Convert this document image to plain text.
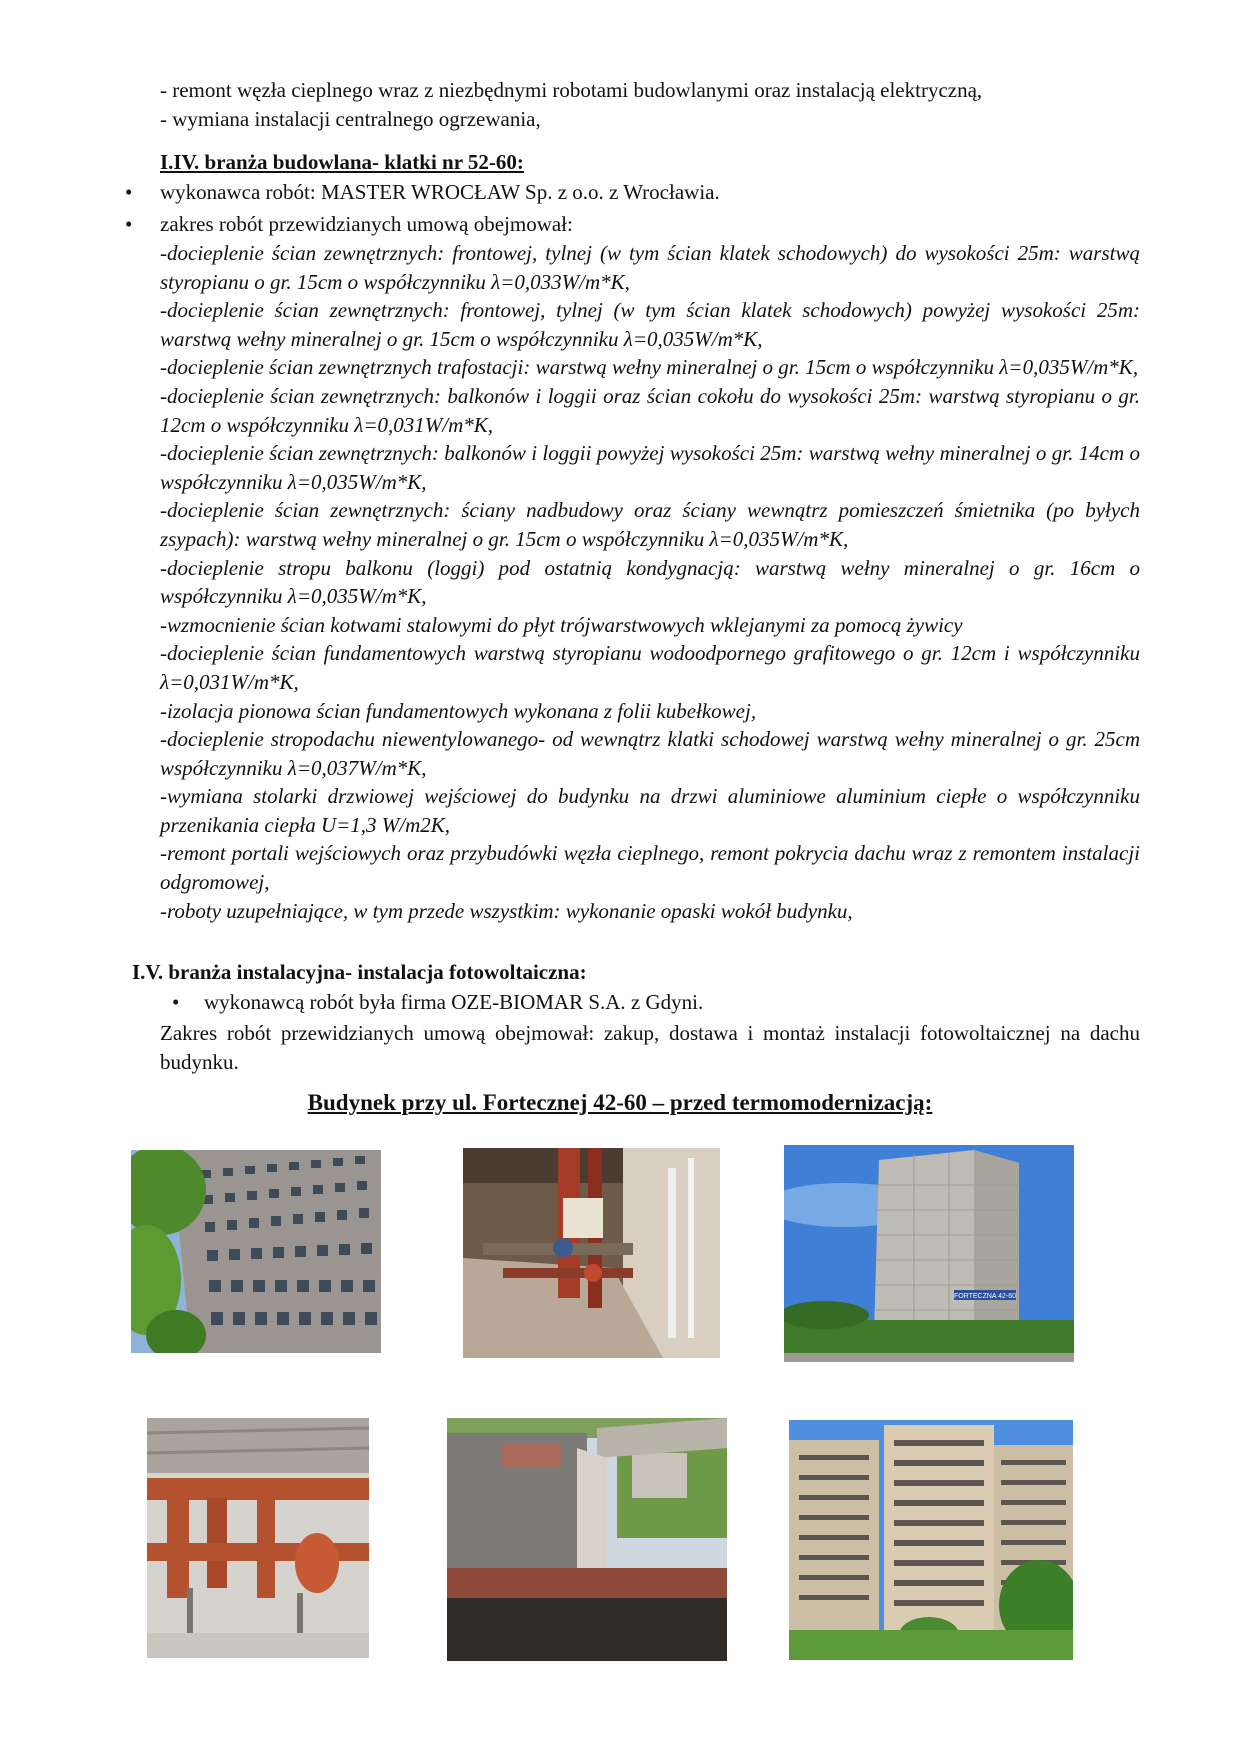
- remont węzła cieplnego wraz z niezbędnymi robotami budowlanymi oraz instalacją elektryczną,
- wymiana instalacji centralnego ogrzewania,
I.IV. branża budowlana- klatki nr 52-60:
• wykonawca robót: MASTER WROCŁAW Sp. z o.o. z Wrocławia.
• zakres robót przewidzianych umową obejmował:
-docieplenie ścian zewnętrznych: frontowej, tylnej (w tym ścian klatek schodowych) do wysokości 25m: warstwą styropianu o gr. 15cm o współczynniku λ=0,033W/m*K,
-docieplenie ścian zewnętrznych: frontowej, tylnej (w tym ścian klatek schodowych) powyżej wysokości 25m: warstwą wełny mineralnej o gr. 15cm o współczynniku λ=0,035W/m*K,
-docieplenie ścian zewnętrznych trafostacji: warstwą wełny mineralnej o gr. 15cm o współczynniku λ=0,035W/m*K,
-docieplenie ścian zewnętrznych: balkonów i loggii oraz ścian cokołu do wysokości 25m: warstwą styropianu o gr. 12cm o współczynniku λ=0,031W/m*K,
-docieplenie ścian zewnętrznych: balkonów i loggii powyżej wysokości 25m: warstwą wełny mineralnej o gr. 14cm o współczynniku λ=0,035W/m*K,
-docieplenie ścian zewnętrznych: ściany nadbudowy oraz ściany wewnątrz pomieszczeń śmietnika (po byłych zsypach): warstwą wełny mineralnej o gr. 15cm o współczynniku λ=0,035W/m*K,
-docieplenie stropu balkonu (loggi) pod ostatnią kondygnacją: warstwą wełny mineralnej o gr. 16cm o współczynniku λ=0,035W/m*K,
-wzmocnienie ścian kotwami stalowymi do płyt trójwarstwowych wklejanymi za pomocą żywicy
-docieplenie ścian fundamentowych warstwą styropianu wodoodpornego grafitowego o gr. 12cm i współczynniku λ=0,031W/m*K,
-izolacja pionowa ścian fundamentowych wykonana z folii kubełkowej,
-docieplenie stropodachu niewentylowanego- od wewnątrz klatki schodowej warstwą wełny mineralnej o gr. 25cm współczynniku λ=0,037W/m*K,
-wymiana stolarki drzwiowej wejściowej do budynku na drzwi aluminiowe aluminium ciepłe o współczynniku przenikania ciepła U=1,3 W/m2K,
-remont portali wejściowych oraz przybudówki węzła cieplnego, remont pokrycia dachu wraz z remontem instalacji odgromowej,
-roboty uzupełniające, w tym przede wszystkim: wykonanie opaski wokół budynku,
I.V. branża instalacyjna- instalacja fotowoltaiczna:
• wykonawcą robót była firma OZE-BIOMAR S.A. z Gdyni.
Zakres robót przewidzianych umową obejmował: zakup, dostawa i montaż instalacji fotowoltaicznej na dachu budynku.
Budynek przy ul. Fortecznej 42-60 – przed termomodernizacją:
FORTECZNA 42-60
